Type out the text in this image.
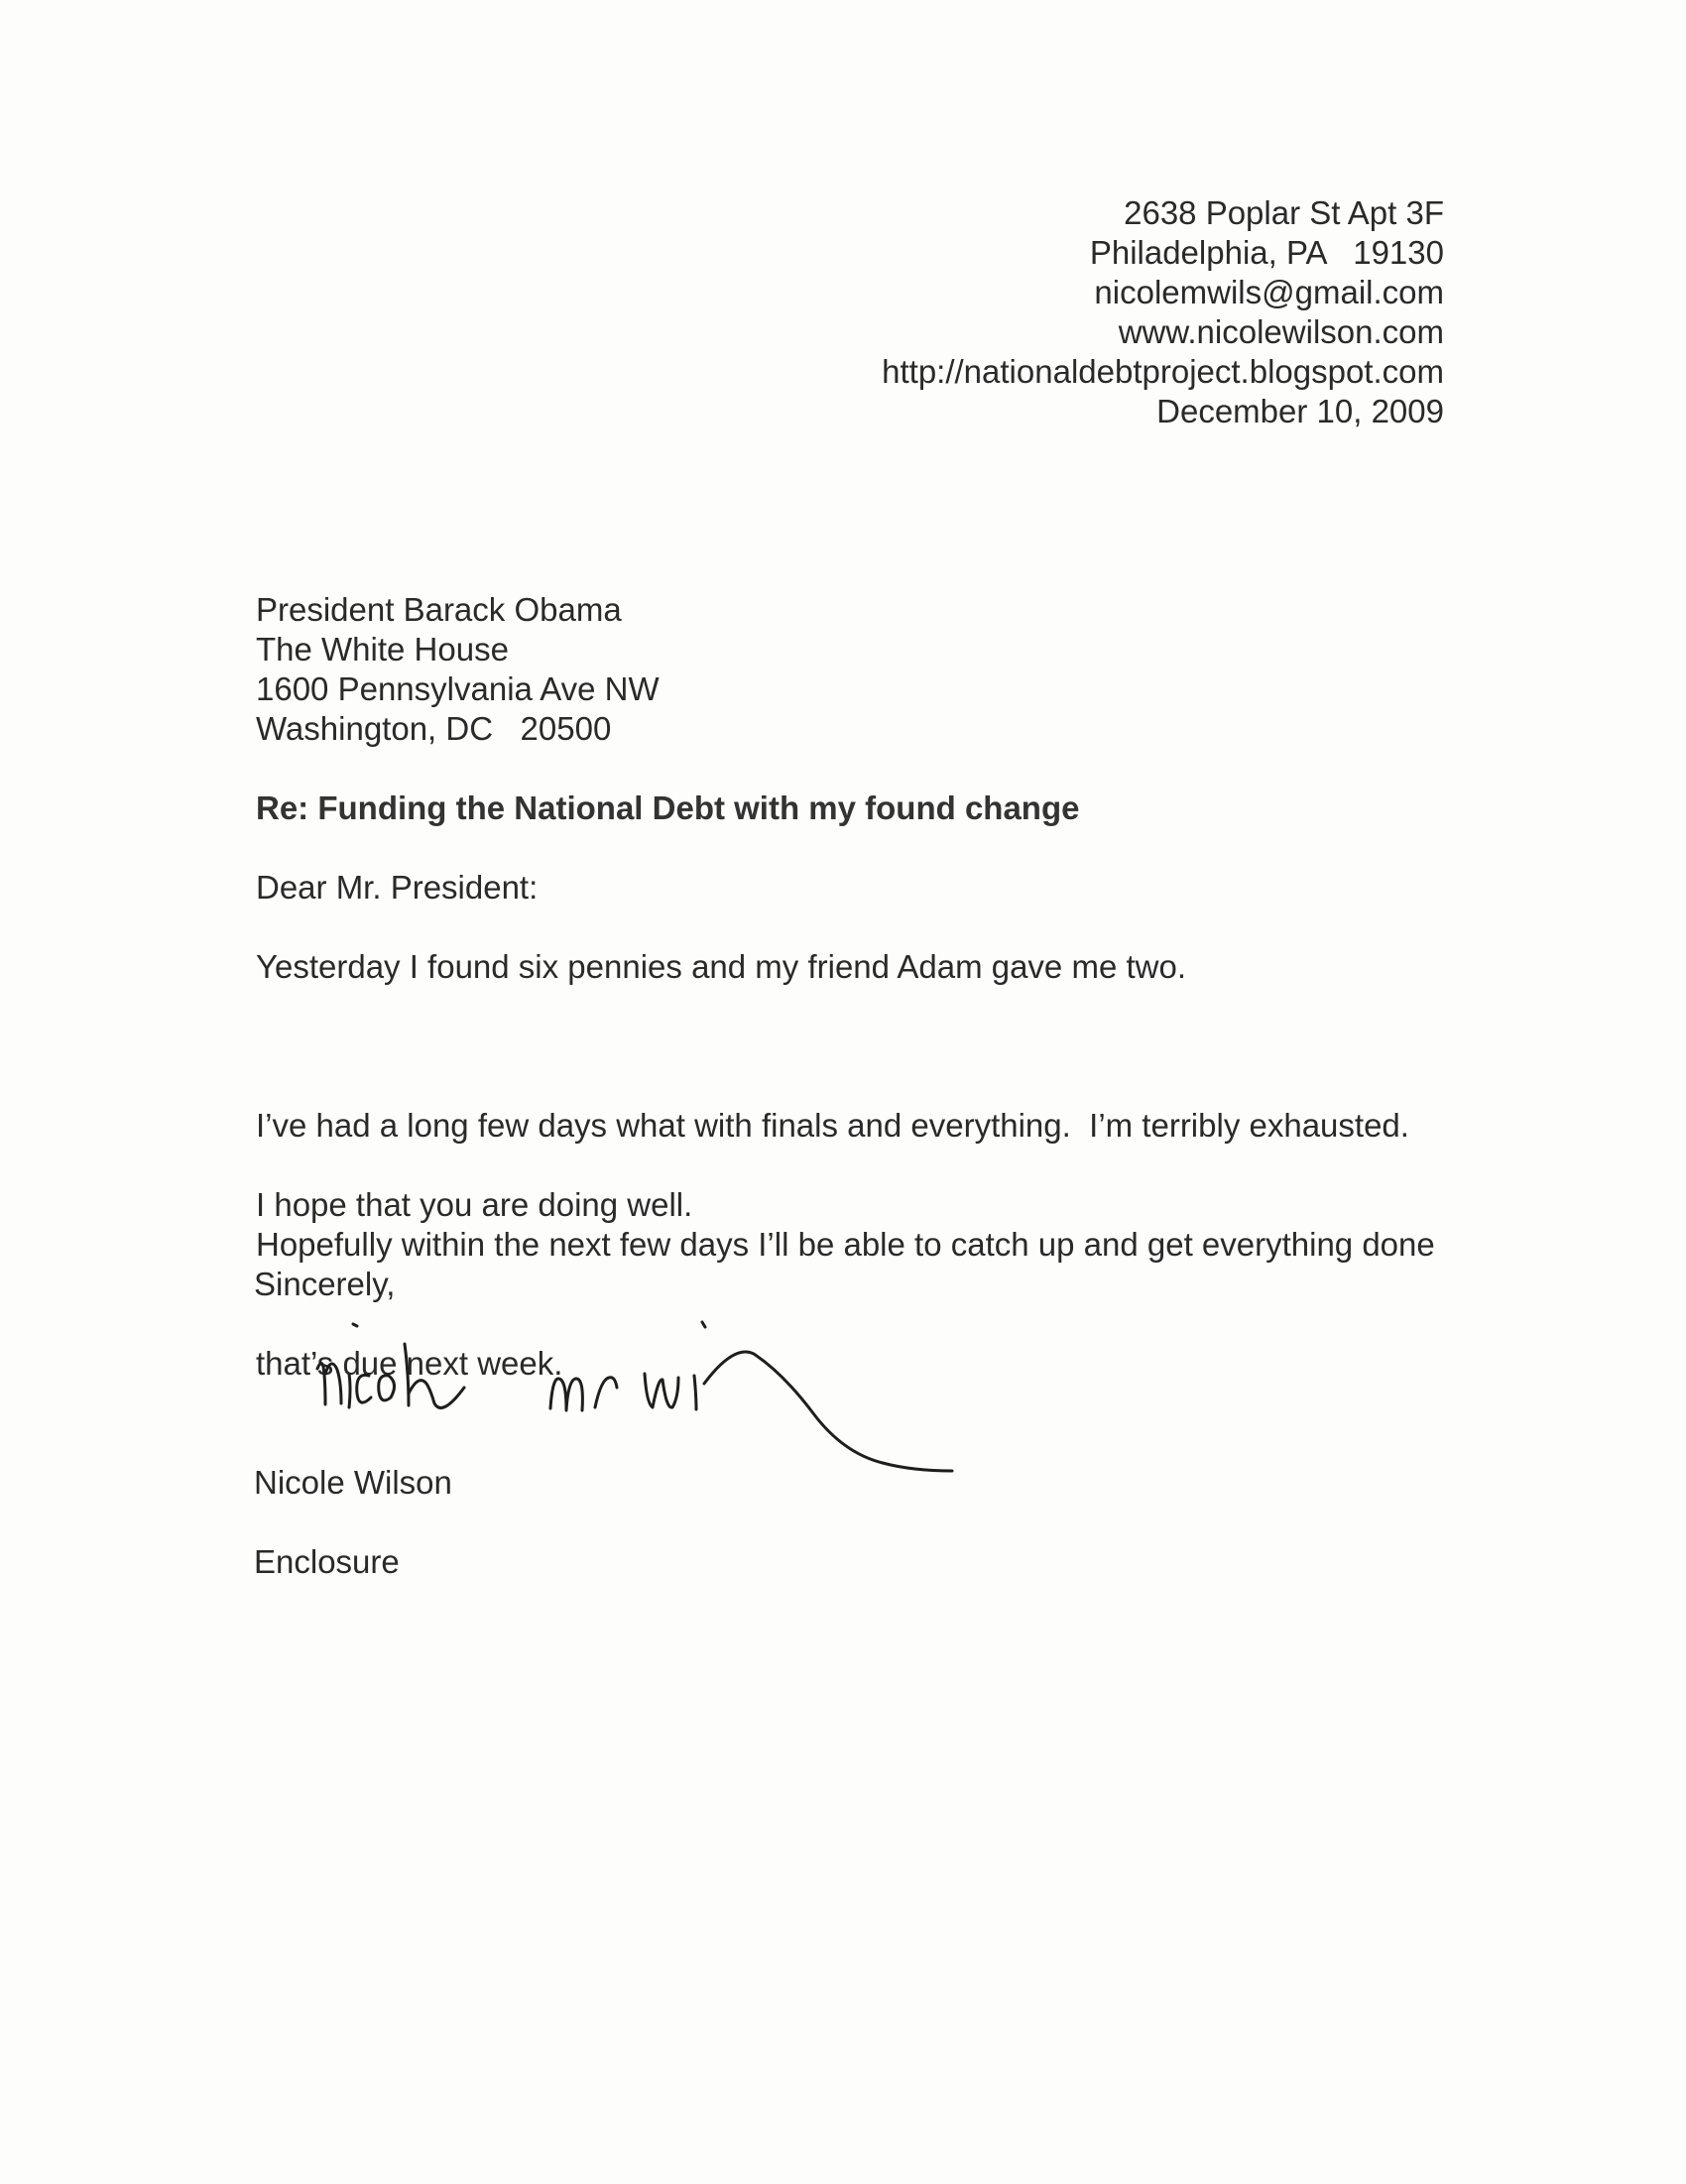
2638 Poplar St Apt 3F
Philadelphia, PA   19130
nicolemwils@gmail.com
www.nicolewilson.com
http://nationaldebtproject.blogspot.com
December 10, 2009
President Barack Obama
The White House
1600 Pennsylvania Ave NW
Washington, DC   20500
Re: Funding the National Debt with my found change
Dear Mr. President:
Yesterday I found six pennies and my friend Adam gave me two.

I’ve had a long few days what with finals and everything.  I’m terribly exhausted.

Hopefully within the next few days I’ll be able to catch up and get everything done

that’s due next week.

I hope that you are doing well.
Sincerely,
Nicole Wilson
Enclosure
